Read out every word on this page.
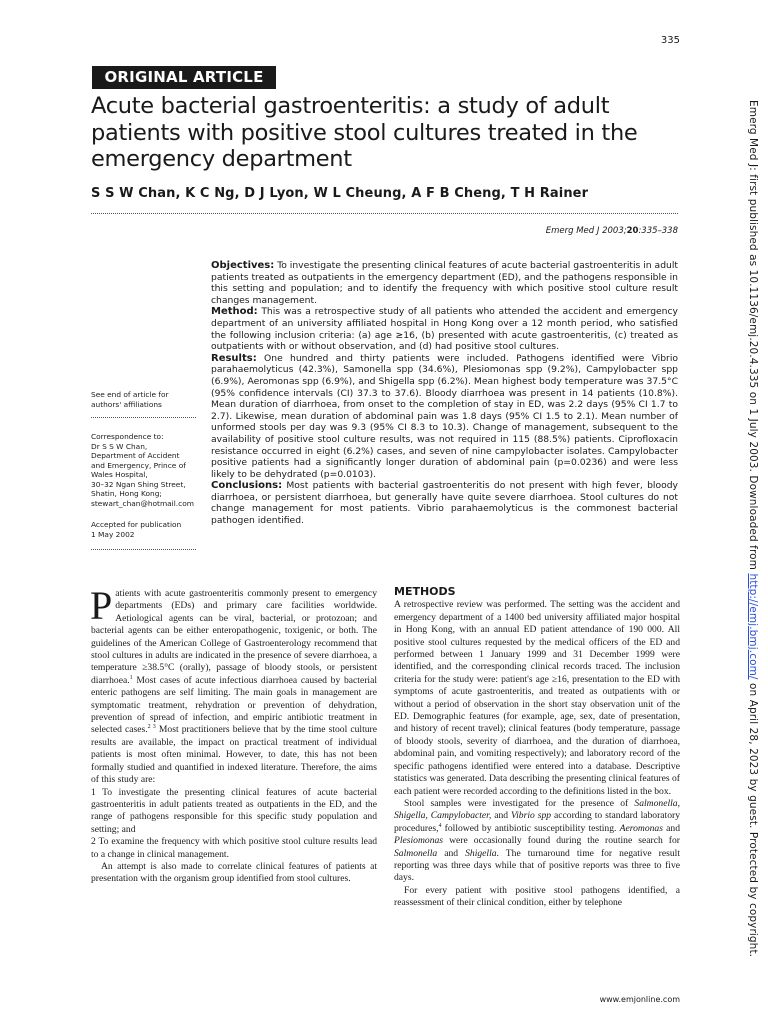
335
ORIGINAL ARTICLE
Acute bacterial gastroenteritis: a study of adult patients with positive stool cultures treated in the emergency department
S S W Chan, K C Ng, D J Lyon, W L Cheung, A F B Cheng, T H Rainer
Emerg Med J 2003;20:335–338

Objectives: To investigate the presenting clinical features of acute bacterial gastroenteritis in adult patients treated as outpatients in the emergency department (ED), and the pathogens responsible in this setting and population; and to identify the frequency with which positive stool culture result changes management.

Method: This was a retrospective study of all patients who attended the accident and emergency department of an university affiliated hospital in Hong Kong over a 12 month period, who satisfied the following inclusion criteria: (a) age ≥16, (b) presented with acute gastroenteritis, (c) treated as outpatients with or without observation, and (d) had positive stool cultures.

Results: One hundred and thirty patients were included. Pathogens identified were Vibrio parahaemolyticus (42.3%), Samonella spp (34.6%), Plesiomonas spp (9.2%), Campylobacter spp (6.9%), Aeromonas spp (6.9%), and Shigella spp (6.2%). Mean highest body temperature was 37.5°C (95% confidence intervals (CI) 37.3 to 37.6). Bloody diarrhoea was present in 14 patients (10.8%). Mean duration of diarrhoea, from onset to the completion of stay in ED, was 2.2 days (95% CI 1.7 to 2.7). Likewise, mean duration of abdominal pain was 1.8 days (95% CI 1.5 to 2.1). Mean number of unformed stools per day was 9.3 (95% CI 8.3 to 10.3). Change of management, subsequent to the availability of positive stool culture results, was not required in 115 (88.5%) patients. Ciprofloxacin resistance occurred in eight (6.2%) cases, and seven of nine campylobacter isolates. Campylobacter positive patients had a significantly longer duration of abdominal pain (p=0.0236) and were less likely to be dehydrated (p=0.0103).

Conclusions: Most patients with bacterial gastroenteritis do not present with high fever, bloody diarrhoea, or persistent diarrhoea, but generally have quite severe diarrhoea. Stool cultures do not change management for most patients. Vibrio parahaemolyticus is the commonest bacterial pathogen identified.

See end of article for authors' affiliations
Correspondence to:
Dr S S W Chan,
Department of Accident
and Emergency, Prince of
Wales Hospital,
30–32 Ngan Shing Street,
Shatin, Hong Kong;
stewart_chan@hotmail.com
Accepted for publication
1 May 2002

Patients with acute gastroenteritis commonly present to emergency departments (EDs) and primary care facilities worldwide. Aetiological agents can be viral, bacterial, or protozoan; and bacterial agents can be either enteropathogenic, toxigenic, or both. The guidelines of the American College of Gastroenterology recommend that stool cultures in adults are indicated in the presence of severe diarrhoea, a temperature ≥38.5°C (orally), passage of bloody stools, or persistent diarrhoea.$^1$ Most cases of acute infectious diarrhoea caused by bacterial enteric pathogens are self limiting. The main goals in management are symptomatic treatment, rehydration or prevention of dehydration, prevention of spread of infection, and empiric antibiotic treatment in selected cases.$^{2 3}$ Most practitioners believe that by the time stool culture results are available, the impact on practical treatment of individual patients is most often minimal. However, to date, this has not been formally studied and quantified in indexed literature. Therefore, the aims of this study are:

1 To investigate the presenting clinical features of acute bacterial gastroenteritis in adult patients treated as outpatients in the ED, and the range of pathogens responsible for this specific study population and setting; and

2 To examine the frequency with which positive stool culture results lead to a change in clinical management.

An attempt is also made to correlate clinical features of patients at presentation with the organism group identified from stool cultures.

METHODS

A retrospective review was performed. The setting was the accident and emergency department of a 1400 bed university affiliated major hospital in Hong Kong, with an annual ED patient attendance of 190 000. All positive stool cultures requested by the medical officers of the ED and performed between 1 January 1999 and 31 December 1999 were identified, and the corresponding clinical records traced. The inclusion criteria for the study were: patient's age ≥16, presentation to the ED with symptoms of acute gastroenteritis, and treated as outpatients with or without a period of observation in the short stay observation unit of the ED. Demographic features (for example, age, sex, date of presentation, and history of recent travel); clinical features (body temperature, passage of bloody stools, severity of diarrhoea, and the duration of diarrhoea, abdominal pain, and vomiting respectively); and laboratory record of the specific pathogens identified were entered into a database. Descriptive statistics was generated. Data describing the presenting clinical features of each patient were recorded according to the definitions listed in the box.

Stool samples were investigated for the presence of Salmonella, Shigella, Campylobacter, and Vibrio spp according to standard laboratory procedures,$^4$ followed by antibiotic susceptibility testing. Aeromonas and Plesiomonas were occasionally found during the routine search for Salmonella and Shigella. The turnaround time for negative result reporting was three days while that of positive reports was three to five days.

For every patient with positive stool pathogens identified, a reassessment of their clinical condition, either by telephone

www.emjonline.com
Emerg Med J: first published as 10.1136/emj.20.4.335 on 1 July 2003. Downloaded from http://emj.bmj.com/ on April 28, 2023 by guest. Protected by copyright.
